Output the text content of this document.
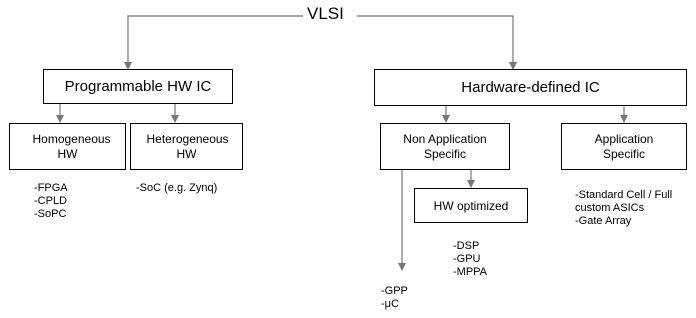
VLSI
Programmable HW IC	Hardware-defined IC
Homogeneous HW
Heterogeneous HW
Non Application Specific
Application Specific
HW optimized
-FPGA
-CPLD
-SoPC
-SoC (e.g. Zynq)
-DSP
-GPU
-MPPA
-GPP
-μC
-Standard Cell / Full
custom ASICs
-Gate Array
